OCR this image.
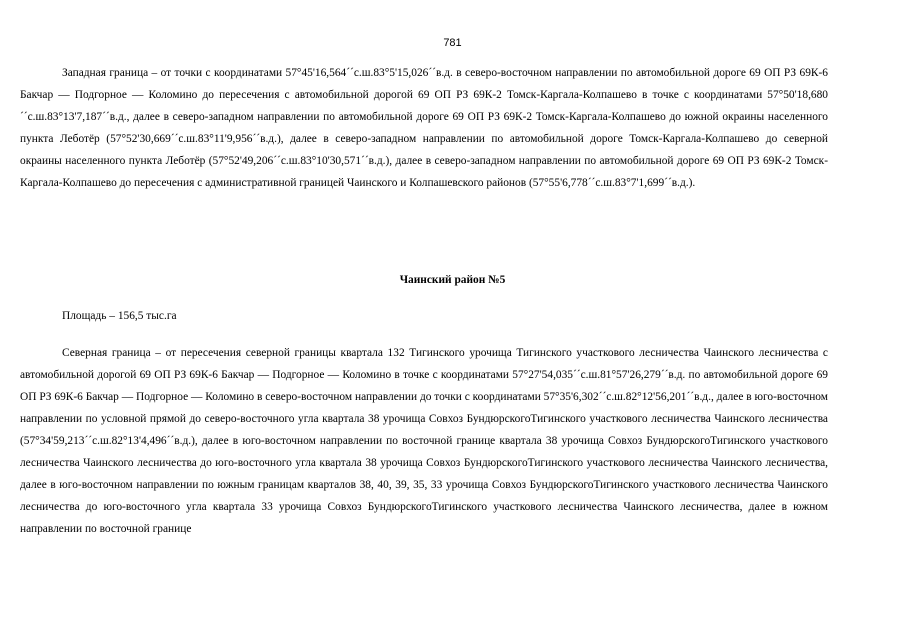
781

Западная граница – от точки с координатами 57°45'16,564´´с.ш.83°5'15,026´´в.д. в северо-восточном направлении по автомобильной дороге 69 ОП РЗ 69К-6 Бакчар — Подгорное — Коломино до пересечения с автомобильной дорогой 69 ОП РЗ 69К-2 Томск-Каргала-Колпашево в точке с координатами 57°50'18,680´´с.ш.83°13'7,187´´в.д., далее в северо-западном направлении по автомобильной дороге 69 ОП РЗ 69К-2 Томск-Каргала-Колпашево до южной окраины населенного пункта Леботёр (57°52'30,669´´с.ш.83°11'9,956´´в.д.), далее в северо-западном направлении по автомобильной дороге Томск-Каргала-Колпашево до северной окраины населенного пункта Леботёр (57°52'49,206´´с.ш.83°10'30,571´´в.д.), далее в северо-западном направлении по автомобильной дороге 69 ОП РЗ 69К-2 Томск-Каргала-Колпашево до пересечения с административной границей Чаинского и Колпашевского районов (57°55'6,778´´с.ш.83°7'1,699´´в.д.).

Чаинский район №5
Площадь – 156,5 тыс.га

Северная граница – от пересечения северной границы квартала 132 Тигинского урочища Тигинского участкового лесничества Чаинского лесничества с автомобильной дорогой 69 ОП РЗ 69К-6 Бакчар — Подгорное — Коломино в точке с координатами 57°27'54,035´´с.ш.81°57'26,279´´в.д. по автомобильной дороге 69 ОП РЗ 69К-6 Бакчар — Подгорное — Коломино в северо-восточном направлении до точки с координатами 57°35'6,302´´с.ш.82°12'56,201´´в.д., далее в юго-восточном направлении по условной прямой до северо-восточного угла квартала 38 урочища Совхоз БундюрскогоТигинского участкового лесничества Чаинского лесничества (57°34'59,213´´с.ш.82°13'4,496´´в.д.), далее в юго-восточном направлении по восточной границе квартала 38 урочища Совхоз БундюрскогоТигинского участкового лесничества Чаинского лесничества до юго-восточного угла квартала 38 урочища Совхоз БундюрскогоТигинского участкового лесничества Чаинского лесничества, далее в юго-восточном направлении по южным границам кварталов 38, 40, 39, 35, 33 урочища Совхоз БундюрскогоТигинского участкового лесничества Чаинского лесничества до юго-восточного угла квартала 33 урочища Совхоз БундюрскогоТигинского участкового лесничества Чаинского лесничества, далее в южном направлении по восточной границе
